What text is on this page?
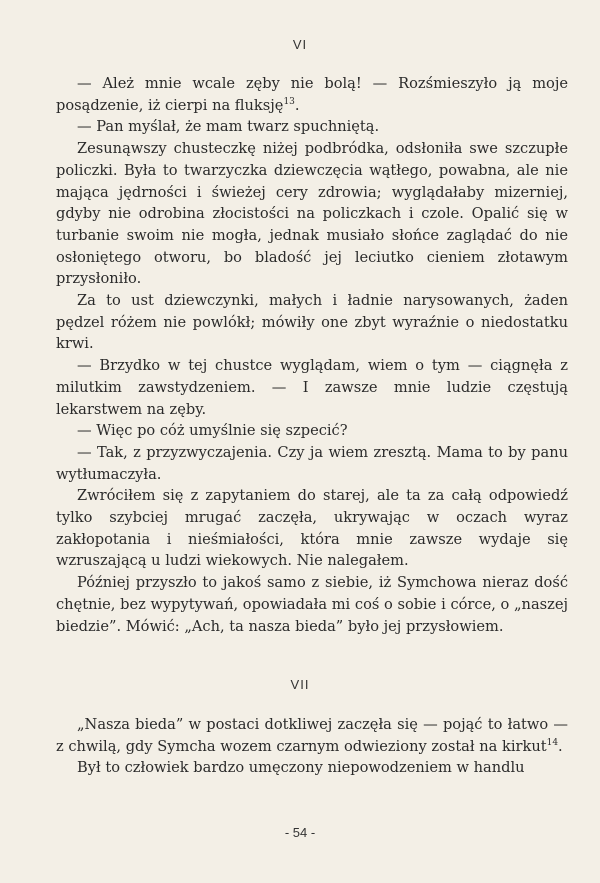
VI

— Ależ mnie wcale zęby nie bolą! — Rozśmieszyło ją moje posądzenie, iż cierpi na fluksję$^{13}$.

— Pan myślał, że mam twarz spuchniętą.

Zesunąwszy chusteczkę niżej podbródka, odsłoniła swe szczupłe policzki. Była to twarzyczka dziewczęcia wątłego, powabna, ale nie mająca jędrności i świeżej cery zdrowia; wyglądałaby mizerniej, gdyby nie odrobina złocistości na policzkach i czole. Opalić się w turbanie swoim nie mogła, jednak musiało słońce zaglądać do nie osłoniętego otworu, bo bladość jej leciutko cieniem złotawym przysłoniło.

Za to ust dziewczynki, małych i ładnie narysowanych, żaden pędzel różem nie powlókł; mówiły one zbyt wyraźnie o niedostatku krwi.

— Brzydko w tej chustce wyglądam, wiem o tym — ciągnęła z milutkim zawstydzeniem. — I zawsze mnie ludzie częstują lekarstwem na zęby.

— Więc po cóż umyślnie się szpecić?

— Tak, z przyzwyczajenia. Czy ja wiem zresztą. Mama to by panu wytłumaczyła.

Zwróciłem się z zapytaniem do starej, ale ta za całą odpowiedź tylko szybciej mrugać zaczęła, ukrywając w oczach wyraz zakłopotania i nieśmiałości, która mnie zawsze wydaje się wzruszającą u ludzi wiekowych. Nie nalegałem.

Później przyszło to jakoś samo z siebie, iż Symchowa nieraz dość chętnie, bez wypytywań, opowiadała mi coś o sobie i córce, o „naszej biedzie”. Mówić: „Ach, ta nasza bieda” było jej przysłowiem.

VII

„Nasza bieda” w postaci dotkliwej zaczęła się — pojąć to łatwo — z chwilą, gdy Symcha wozem czarnym odwieziony został na kirkut$^{14}$.

Był to człowiek bardzo umęczony niepowodzeniem w handlu

- 54 -
